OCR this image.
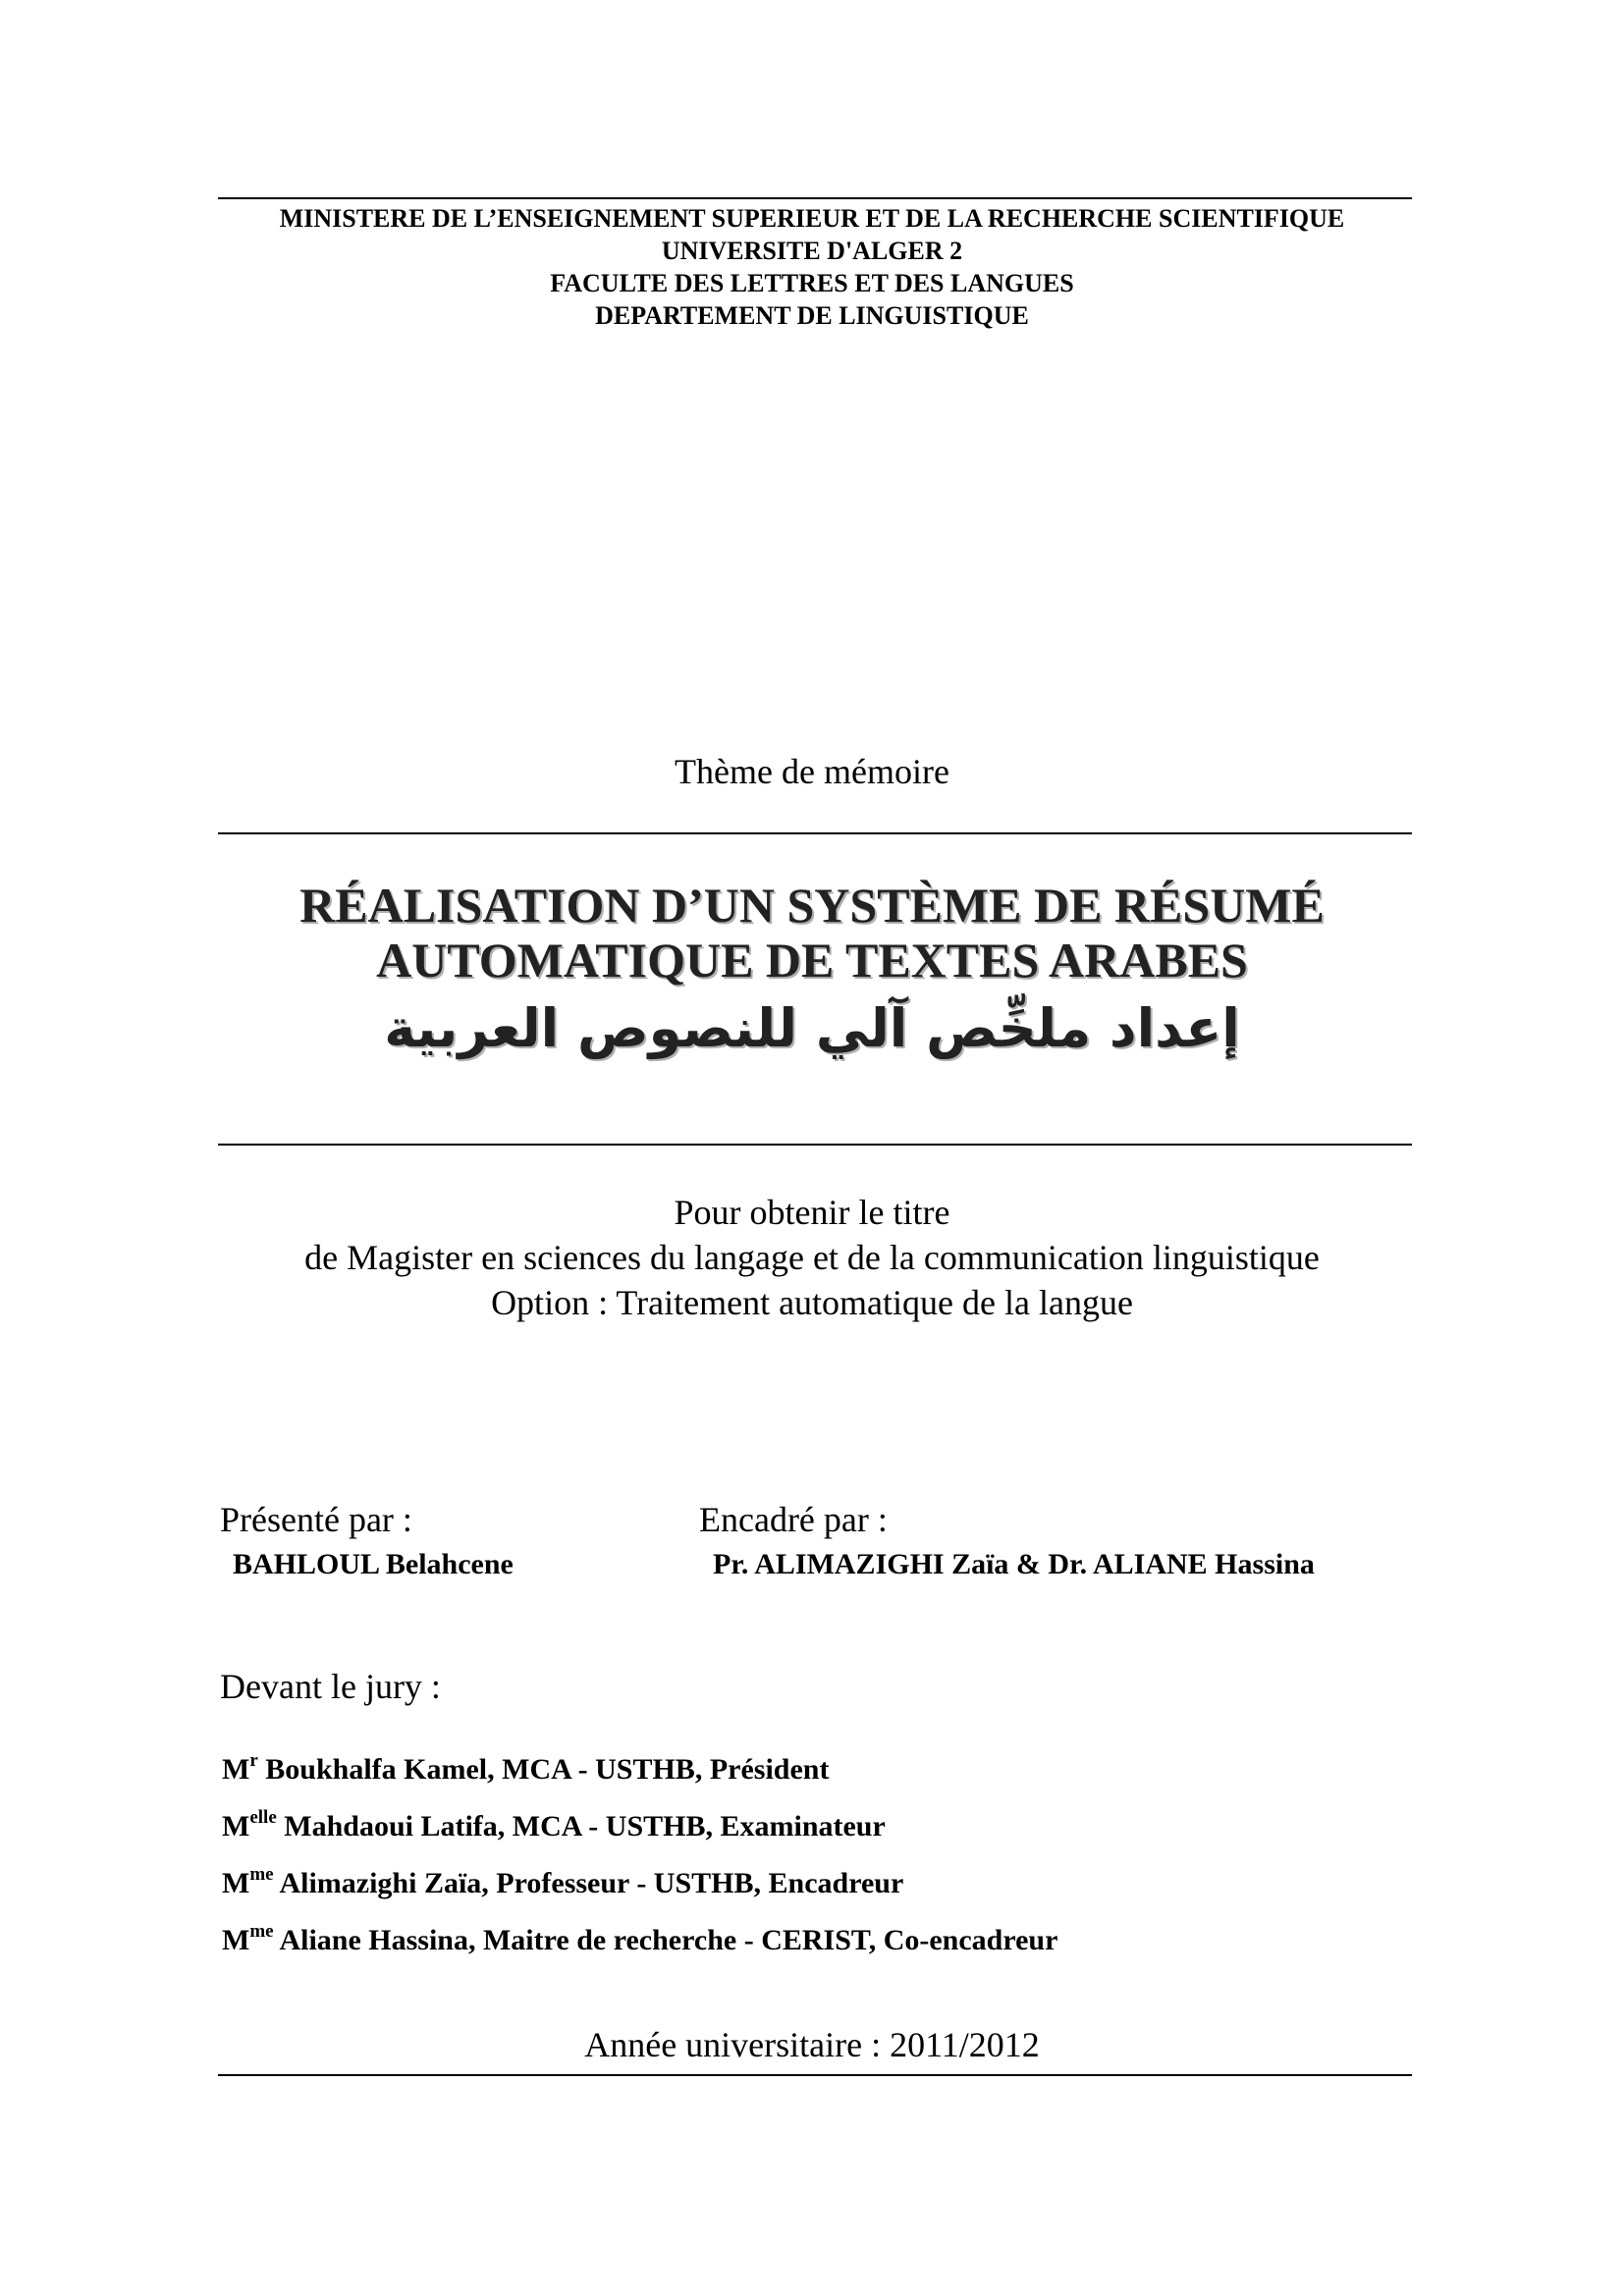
MINISTERE DE L’ENSEIGNEMENT SUPERIEUR ET DE LA RECHERCHE SCIENTIFIQUE
UNIVERSITE D'ALGER 2
FACULTE DES LETTRES ET DES LANGUES
DEPARTEMENT DE LINGUISTIQUE
Thème de mémoire
RÉALISATION D’UN SYSTÈME DE RÉSUMÉ
AUTOMATIQUE DE TEXTES ARABES
إعداد ملخِّص آلي للنصوص العربية
Pour obtenir le titre
de Magister en sciences du langage et de la communication linguistique
Option : Traitement automatique de la langue
Présenté par :
BAHLOUL Belahcene
Encadré par :
Pr. ALIMAZIGHI Zaïa & Dr. ALIANE Hassina
Devant le jury :
$M^r$ Boukhalfa Kamel, MCA - USTHB, Président
$M^{elle}$ Mahdaoui Latifa, MCA - USTHB, Examinateur
$M^{me}$ Alimazighi Zaïa, Professeur - USTHB, Encadreur
$M^{me}$ Aliane Hassina, Maitre de recherche - CERIST, Co-encadreur
Année universitaire : 2011/2012
